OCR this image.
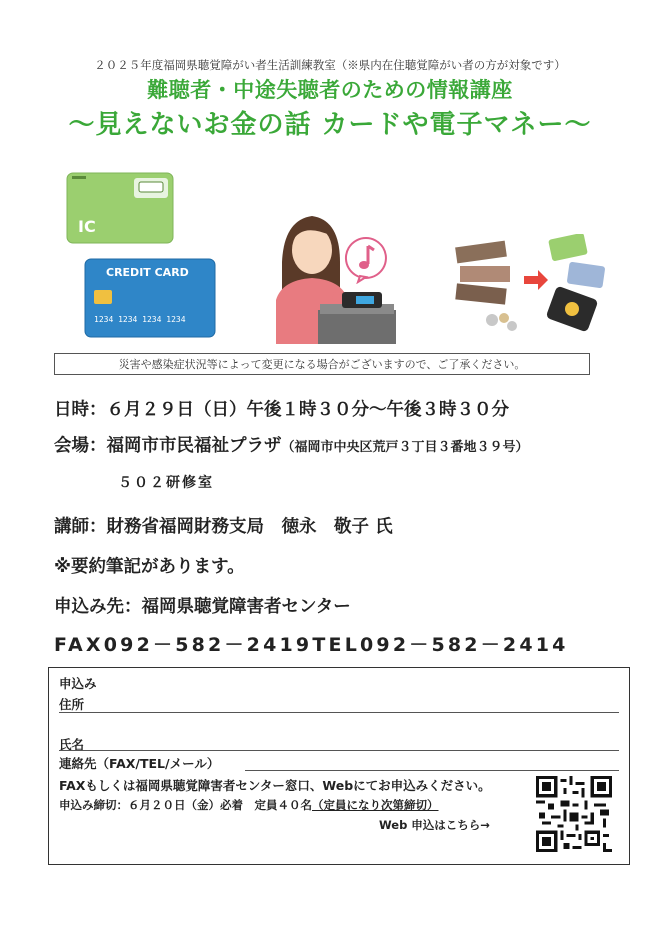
２０２５年度福岡県聴覚障がい者生活訓練教室（※県内在住聴覚障がい者の方が対象です）
難聴者・中途失聴者のための情報講座
～見えないお金の話 カードや電子マネー～
IC
CREDIT CARD
1234 1234 1234 1234
災害や感染症状況等によって変更になる場合がございますので、ご了承ください。
日時：６月２９日（日）午後１時３０分～午後３時３０分
会場：福岡市市民福祉プラザ（福岡市中央区荒戸３丁目３番地３９号）
５０２研修室
講師：財務省福岡財務支局　徳永　敬子 氏
※要約筆記があります。
申込み先：福岡県聴覚障害者センター
FAX092－582－2419TEL092－582－2414
申込み
住所
氏名
連絡先（FAX/TEL/メール）
FAXもしくは福岡県聴覚障害者センター窓口、Webにてお申込みください。
申込み締切：６月２０日（金）必着　定員４０名（定員になり次第締切）
Web 申込はこちら→
